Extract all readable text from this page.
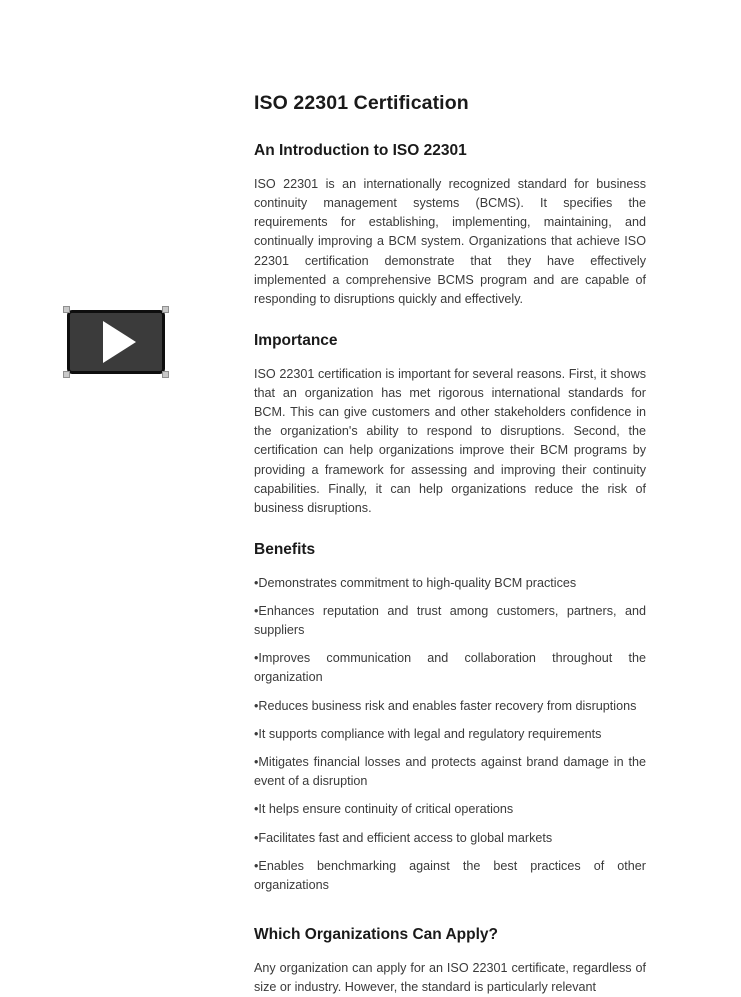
ISO 22301 Certification
An Introduction to ISO 22301

ISO 22301 is an internationally recognized standard for business continuity management systems (BCMS). It specifies the requirements for establishing, implementing, maintaining, and continually improving a BCM system. Organizations that achieve ISO 22301 certification demonstrate that they have effectively implemented a comprehensive BCMS program and are capable of responding to disruptions quickly and effectively.

Importance

ISO 22301 certification is important for several reasons. First, it shows that an organization has met rigorous international standards for BCM. This can give customers and other stakeholders confidence in the organization's ability to respond to disruptions. Second, the certification can help organizations improve their BCM programs by providing a framework for assessing and improving their continuity capabilities. Finally, it can help organizations reduce the risk of business disruptions.

Benefits
•Demonstrates commitment to high-quality BCM practices
•Enhances reputation and trust among customers, partners, and suppliers
•Improves communication and collaboration throughout the organization
•Reduces business risk and enables faster recovery from disruptions
•It supports compliance with legal and regulatory requirements
•Mitigates financial losses and protects against brand damage in the event of a disruption
•It helps ensure continuity of critical operations
•Facilitates fast and efficient access to global markets
•Enables benchmarking against the best practices of other organizations
Which Organizations Can Apply?

Any organization can apply for an ISO 22301 certificate, regardless of size or industry. However, the standard is particularly relevant
